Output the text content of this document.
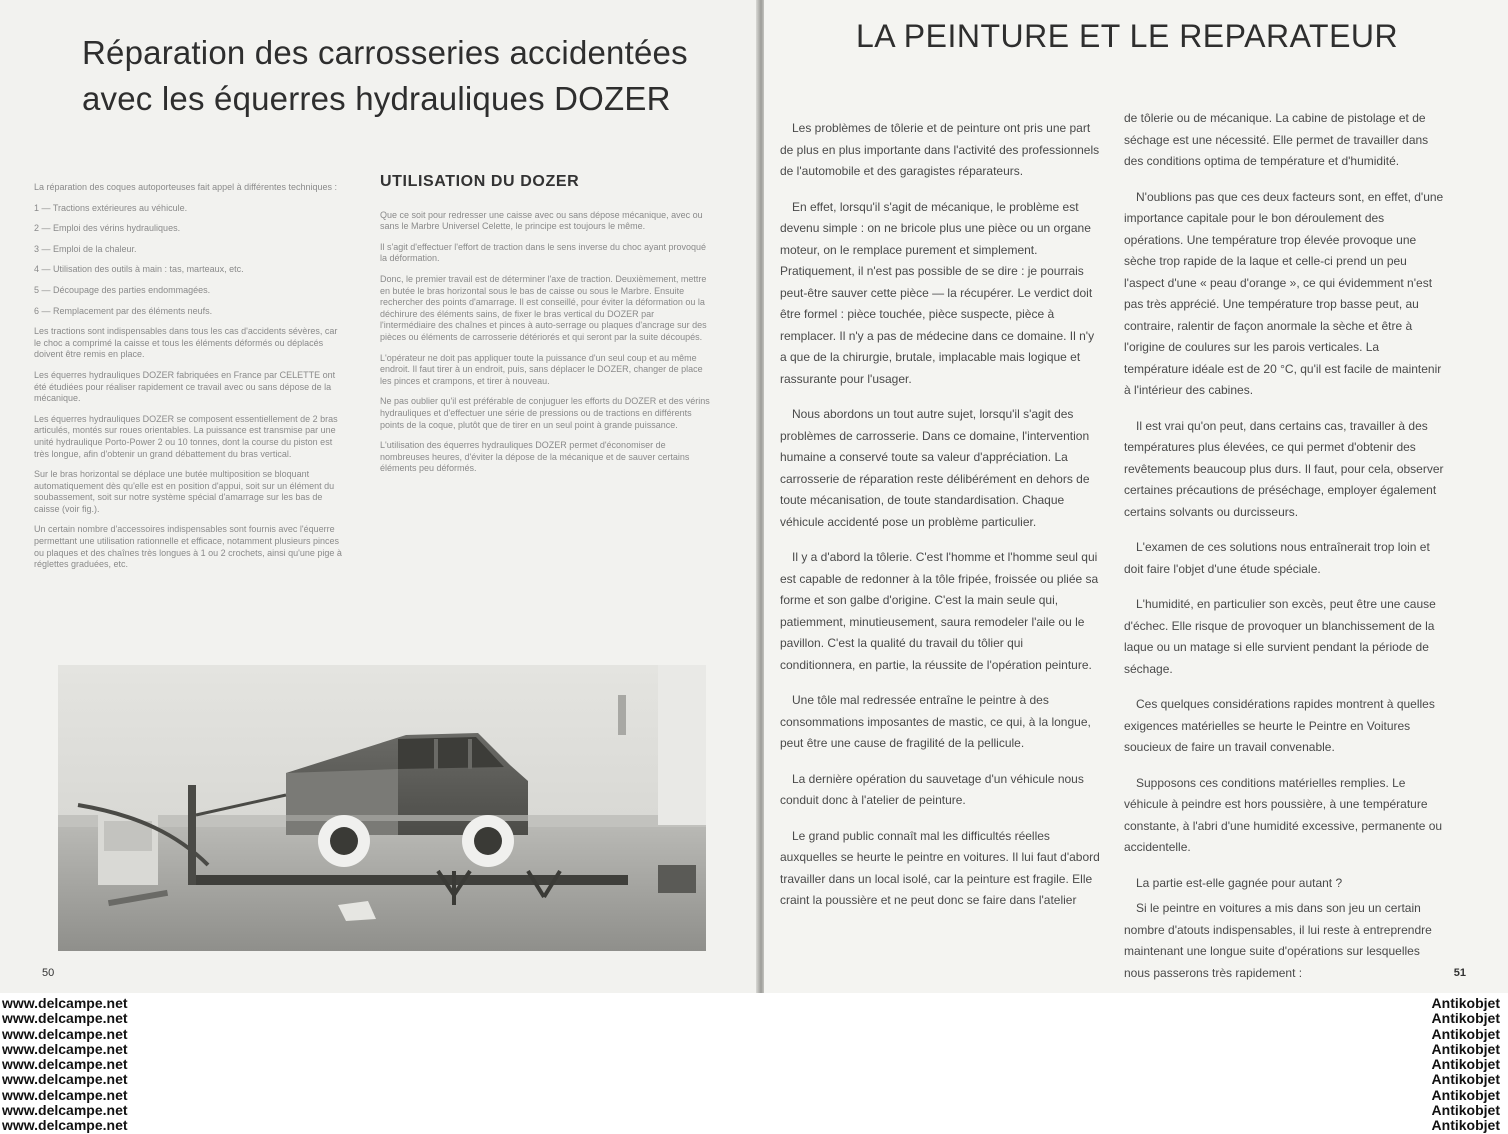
Réparation des carrosseries accidentées
avec les équerres hydrauliques DOZER

La réparation des coques autoporteuses fait appel à différentes techniques :

1 — Tractions extérieures au véhicule.

2 — Emploi des vérins hydrauliques.

3 — Emploi de la chaleur.

4 — Utilisation des outils à main : tas, marteaux, etc.

5 — Découpage des parties endommagées.

6 — Remplacement par des éléments neufs.

Les tractions sont indispensables dans tous les cas d'accidents sévères, car le choc a comprimé la caisse et tous les éléments déformés ou déplacés doivent être remis en place.

Les équerres hydrauliques DOZER fabriquées en France par CELETTE ont été étudiées pour réaliser rapidement ce travail avec ou sans dépose de la mécanique.

Les équerres hydrauliques DOZER se composent essentiellement de 2 bras articulés, montés sur roues orientables. La puissance est transmise par une unité hydraulique Porto-Power 2 ou 10 tonnes, dont la course du piston est très longue, afin d'obtenir un grand débattement du bras vertical.

Sur le bras horizontal se déplace une butée multiposition se bloquant automatiquement dès qu'elle est en position d'appui, soit sur un élément du soubassement, soit sur notre système spécial d'amarrage sur les bas de caisse (voir fig.).

Un certain nombre d'accessoires indispensables sont fournis avec l'équerre permettant une utilisation rationnelle et efficace, notamment plusieurs pinces ou plaques et des chaînes très longues à 1 ou 2 crochets, ainsi qu'une pige à réglettes graduées, etc.

UTILISATION DU DOZER

Que ce soit pour redresser une caisse avec ou sans dépose mécanique, avec ou sans le Marbre Universel Celette, le principe est toujours le même.

Il s'agit d'effectuer l'effort de traction dans le sens inverse du choc ayant provoqué la déformation.

Donc, le premier travail est de déterminer l'axe de traction. Deuxièmement, mettre en butée le bras horizontal sous le bas de caisse ou sous le Marbre. Ensuite rechercher des points d'amarrage. Il est conseillé, pour éviter la déformation ou la déchirure des éléments sains, de fixer le bras vertical du DOZER par l'intermédiaire des chaînes et pinces à auto-serrage ou plaques d'ancrage sur des pièces ou éléments de carrosserie détériorés et qui seront par la suite découpés.

L'opérateur ne doit pas appliquer toute la puissance d'un seul coup et au même endroit. Il faut tirer à un endroit, puis, sans déplacer le DOZER, changer de place les pinces et crampons, et tirer à nouveau.

Ne pas oublier qu'il est préférable de conjuguer les efforts du DOZER et des vérins hydrauliques et d'effectuer une série de pressions ou de tractions en différents points de la coque, plutôt que de tirer en un seul point à grande puissance.

L'utilisation des équerres hydrauliques DOZER permet d'économiser de nombreuses heures, d'éviter la dépose de la mécanique et de sauver certains éléments peu déformés.

50
LA PEINTURE ET LE REPARATEUR

Les problèmes de tôlerie et de peinture ont pris une part de plus en plus importante dans l'activité des professionnels de l'automobile et des garagistes réparateurs.

En effet, lorsqu'il s'agit de mécanique, le problème est devenu simple : on ne bricole plus une pièce ou un organe moteur, on le remplace purement et simplement. Pratiquement, il n'est pas possible de se dire : je pourrais peut-être sauver cette pièce — la récupérer. Le verdict doit être formel : pièce touchée, pièce suspecte, pièce à remplacer. Il n'y a pas de médecine dans ce domaine. Il n'y a que de la chirurgie, brutale, implacable mais logique et rassurante pour l'usager.

Nous abordons un tout autre sujet, lorsqu'il s'agit des problèmes de carrosserie. Dans ce domaine, l'intervention humaine a conservé toute sa valeur d'appréciation. La carrosserie de réparation reste délibérément en dehors de toute mécanisation, de toute standardisation. Chaque véhicule accidenté pose un problème particulier.

Il y a d'abord la tôlerie. C'est l'homme et l'homme seul qui est capable de redonner à la tôle fripée, froissée ou pliée sa forme et son galbe d'origine. C'est la main seule qui, patiemment, minutieusement, saura remodeler l'aile ou le pavillon. C'est la qualité du travail du tôlier qui conditionnera, en partie, la réussite de l'opération peinture.

Une tôle mal redressée entraîne le peintre à des consommations imposantes de mastic, ce qui, à la longue, peut être une cause de fragilité de la pellicule.

La dernière opération du sauvetage d'un véhicule nous conduit donc à l'atelier de peinture.

Le grand public connaît mal les difficultés réelles auxquelles se heurte le peintre en voitures. Il lui faut d'abord travailler dans un local isolé, car la peinture est fragile. Elle craint la poussière et ne peut donc se faire dans l'atelier

de tôlerie ou de mécanique. La cabine de pistolage et de séchage est une nécessité. Elle permet de travailler dans des conditions optima de température et d'humidité.

N'oublions pas que ces deux facteurs sont, en effet, d'une importance capitale pour le bon déroulement des opérations. Une température trop élevée provoque une sèche trop rapide de la laque et celle-ci prend un peu l'aspect d'une « peau d'orange », ce qui évidemment n'est pas très apprécié. Une température trop basse peut, au contraire, ralentir de façon anormale la sèche et être à l'origine de coulures sur les parois verticales. La température idéale est de 20 °C, qu'il est facile de maintenir à l'intérieur des cabines.

Il est vrai qu'on peut, dans certains cas, travailler à des températures plus élevées, ce qui permet d'obtenir des revêtements beaucoup plus durs. Il faut, pour cela, observer certaines précautions de préséchage, employer également certains solvants ou durcisseurs.

L'examen de ces solutions nous entraînerait trop loin et doit faire l'objet d'une étude spéciale.

L'humidité, en particulier son excès, peut être une cause d'échec. Elle risque de provoquer un blanchissement de la laque ou un matage si elle survient pendant la période de séchage.

Ces quelques considérations rapides montrent à quelles exigences matérielles se heurte le Peintre en Voitures soucieux de faire un travail convenable.

Supposons ces conditions matérielles remplies. Le véhicule à peindre est hors poussière, à une température constante, à l'abri d'une humidité excessive, permanente ou accidentelle.

La partie est-elle gagnée pour autant ?

Si le peintre en voitures a mis dans son jeu un certain nombre d'atouts indispensables, il lui reste à entreprendre maintenant une longue suite d'opérations sur lesquelles nous passerons très rapidement :	51
www.delcampe.net
www.delcampe.net
www.delcampe.net
www.delcampe.net
www.delcampe.net
www.delcampe.net
www.delcampe.net
www.delcampe.net
www.delcampe.net
Antikobjet
Antikobjet
Antikobjet
Antikobjet
Antikobjet
Antikobjet
Antikobjet
Antikobjet
Antikobjet
